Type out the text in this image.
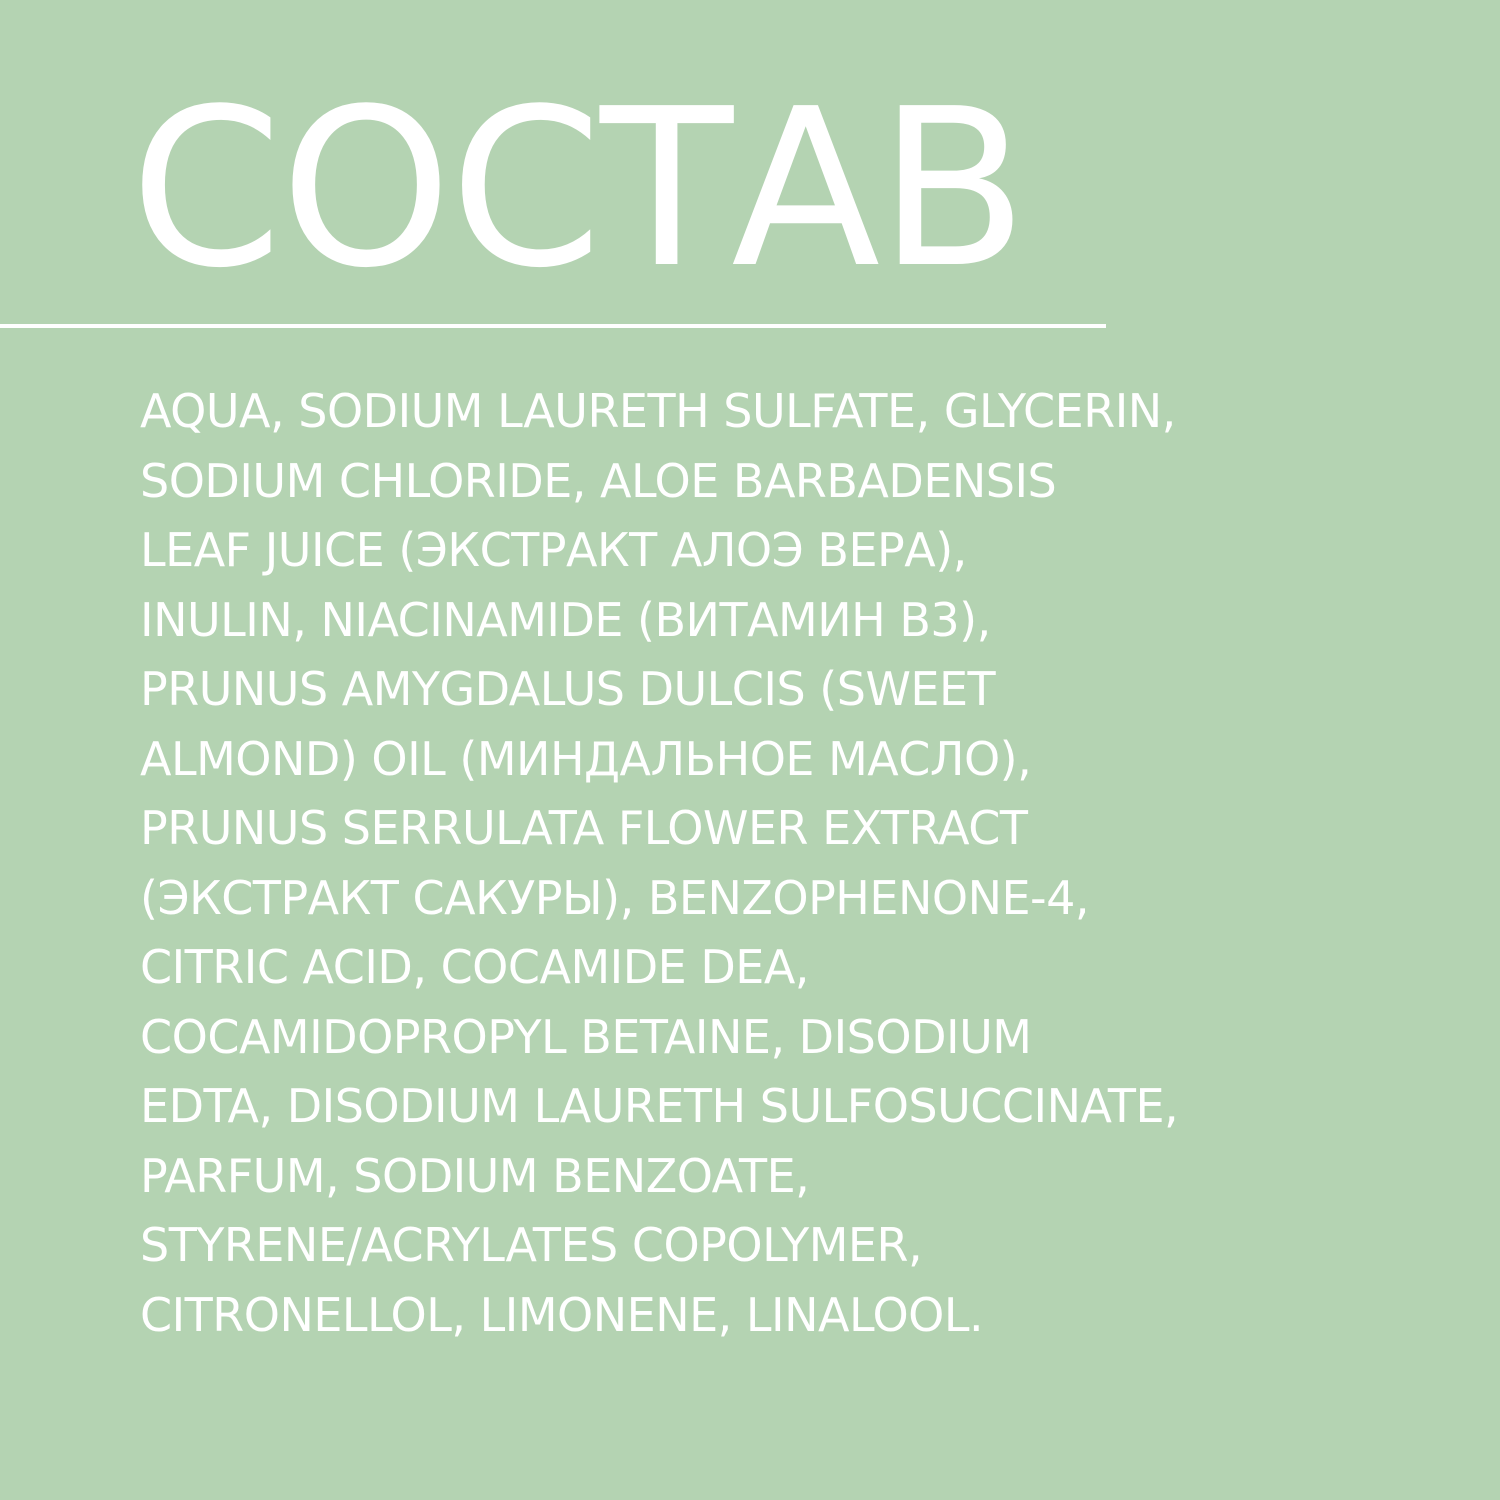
СОСТАВ
AQUA, SODIUM LAURETH SULFATE, GLYCERIN,
SODIUM CHLORIDE, ALOE BARBADENSIS
LEAF JUICE (ЭКСТРАКТ АЛОЭ ВЕРА),
INULIN, NIACINAMIDE (ВИТАМИН В3),
PRUNUS AMYGDALUS DULCIS (SWEET
ALMOND) OIL (МИНДАЛЬНОЕ МАСЛО),
PRUNUS SERRULATA FLOWER EXTRACT
(ЭКСТРАКТ САКУРЫ), BENZOPHENONE-4,
CITRIC ACID, COCAMIDE DEA,
COCAMIDOPROPYL BETAINE, DISODIUM
EDTA, DISODIUM LAURETH SULFOSUCCINATE,
PARFUM, SODIUM BENZOATE,
STYRENE/ACRYLATES COPOLYMER,
CITRONELLOL, LIMONENE, LINALOOL.
